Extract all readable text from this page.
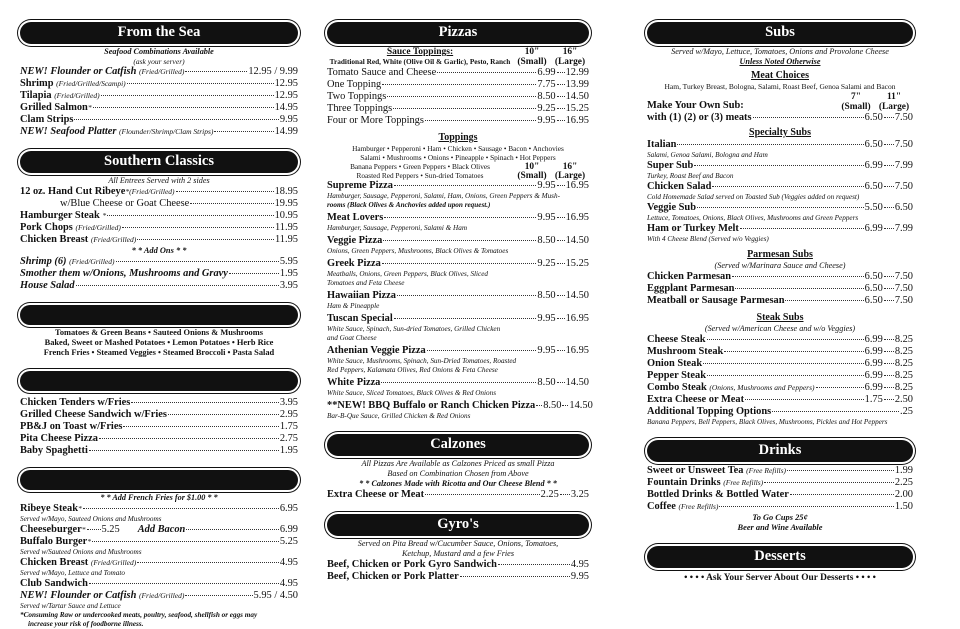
From the Sea
Seafood Combinations Available
(ask your server)
NEW! Flounder or Catfish (Fried/Grilled)	12.95 / 9.99
Shrimp (Fried/Grilled/Scampi)	12.95
Tilapia (Fried/Grilled)	12.95
Grilled Salmon*	14.95
Clam Strips	9.95
NEW! Seafood Platter (Flounder/Shrimp/Clam Strips)	14.99
Southern Classics
All Entrees Served with 2 sides
12 oz. Hand Cut Ribeye*(Fried/Grilled)	18.95
w/Blue Cheese or Goat Cheese	19.95
Hamburger Steak *	10.95
Pork Chops (Fried/Grilled)	11.95
Chicken Breast (Fried/Grilled)	11.95
* * Add Ons * *
Shrimp (6) (Fried/Grilled)	5.95
Smother them w/Onions, Mushrooms and Gravy	1.95
House Salad	3.95
Tomatoes & Green Beans • Sauteed Onions & Mushrooms
Baked, Sweet or Mashed Potatoes • Lemon Potatoes • Herb Rice
French Fries • Steamed Veggies • Steamed Broccoli • Pasta Salad
Chicken Tenders w/Fries	3.95
Grilled Cheese Sandwich w/Fries	2.95
PB&J on Toast w/Fries	1.75
Pita Cheese Pizza	2.75
Baby Spaghetti	1.95
* * Add French Fries for $1.00 * *
Ribeye Steak*	6.95
Served w/Mayo, Sauteed Onions and Mushrooms
Cheeseburger* 5.25 Add Bacon	6.99
Buffalo Burger*	5.25
Served w/Sauteed Onions and Mushrooms
Chicken Breast (Fried/Grilled)	4.95
Served w/Mayo, Lettuce and Tomato
Club Sandwich	4.95
NEW! Flounder or Catfish (Fried/Grilled)	5.95 / 4.50
Served w/Tartar Sauce and Lettuce
*Consuming Raw or undercooked meats, poultry, seafood, shellfish or eggs may
increase your risk of foodborne illness.
Pizzas
Sauce Toppings:
Traditional Red, White (Olive Oil & Garlic), Pesto, Ranch
10"	16"
(Small) (Large)
Tomato Sauce and Cheese	6.99 12.99
One Topping	7.75 13.99
Two Toppings	8.50 14.50
Three Toppings	9.25 15.25
Four or More Toppings	9.95 16.95
Toppings
Hamburger • Pepperoni • Ham • Chicken • Sausage • Bacon • Anchovies
Salami • Mushrooms • Onions • Pineapple • Spinach • Hot Peppers
Banana Peppers • Green Peppers • Black Olives
Roasted Red Peppers • Sun-dried Tomatoes
10"	16"
(Small) (Large)
Supreme Pizza	9.95 16.95
Hamburger, Sausage, Pepperoni, Salami, Ham, Onions, Green Peppers & Mush-
rooms (Black Olives & Anchovies added upon request.)
Meat Lovers	9.95 16.95
Hamburger, Sausage, Pepperoni, Salami & Ham
Veggie Pizza	8.50 14.50
Onions, Green Peppers, Mushrooms, Black Olives & Tomatoes
Greek Pizza	9.25 15.25
Meatballs, Onions, Green Peppers, Black Olives, Sliced
Tomatoes and Feta Cheese
Hawaiian Pizza	8.50 14.50
Ham & Pineapple
Tuscan Special	9.95 16.95
White Sauce, Spinach, Sun-dried Tomatoes, Grilled Chicken
and Goat Cheese
Athenian Veggie Pizza	9.95 16.95
White Sauce, Mushrooms, Spinach, Sun-Dried Tomatoes, Roasted
Red Peppers, Kalamata Olives, Red Onions & Feta Cheese
White Pizza	8.50 14.50
White Sauce, Sliced Tomatoes, Black Olives & Red Onions
**NEW! BBQ Buffalo or Ranch Chicken Pizza 8.50 14.50
Bar-B-Que Sauce, Grilled Chicken & Red Onions
Calzones
All Pizzas Are Available as Calzones Priced as small Pizza
Based on Combination Chosen from Above
* * Calzones Made with Ricotta and Our Cheese Blend * *
Extra Cheese or Meat	2.25 3.25
Gyro's
Served on Pita Bread w/Cucumber Sauce, Onions, Tomatoes,
Ketchup, Mustard and a few Fries
Beef, Chicken or Pork Gyro Sandwich	4.95
Beef, Chicken or Pork Platter	9.95
Subs
Served w/Mayo, Lettuce, Tomatoes, Onions and Provolone Cheese
Unless Noted Otherwise
Meat Choices
Ham, Turkey Breast, Bologna, Salami, Roast Beef, Genoa Salami and Bacon
Make Your Own Sub:
7"	11"
(Small) (Large)
with (1) (2) or (3) meats	6.50 7.50
Specialty Subs
Italian	6.50 7.50
Salami, Genoa Salami, Bologna and Ham
Super Sub	6.99 7.99
Turkey, Roast Beef and Bacon
Chicken Salad	6.50 7.50
Cold Homemade Salad served on Toasted Sub (Veggies added on request)
Veggie Sub	5.50 6.50
Lettuce, Tomatoes, Onions, Black Olives, Mushrooms and Green Peppers
Ham or Turkey Melt	6.99 7.99
With 4 Cheese Blend (Served w/o Veggies)
Parmesan Subs
(Served w/Marinara Sauce and Cheese)
Chicken Parmesan	6.50 7.50
Eggplant Parmesan	6.50 7.50
Meatball or Sausage Parmesan	6.50 7.50
Steak Subs
(Served w/American Cheese and w/o Veggies)
Cheese Steak	6.99 8.25
Mushroom Steak	6.99 8.25
Onion Steak	6.99 8.25
Pepper Steak	6.99 8.25
Combo Steak (Onions, Mushrooms and Peppers)	6.99 8.25
Extra Cheese or Meat	1.75 2.50
Additional Topping Options	.25
Banana Peppers, Bell Peppers, Black Olives, Mushrooms, Pickles and Hot Peppers
Drinks
Sweet or Unsweet Tea (Free Refills)	1.99
Fountain Drinks (Free Refills)	2.25
Bottled Drinks & Bottled Water	2.00
Coffee (Free Refills)	1.50
To Go Cups 25¢
Beer and Wine Available
Desserts
• • • • Ask Your Server About Our Desserts • • • •
